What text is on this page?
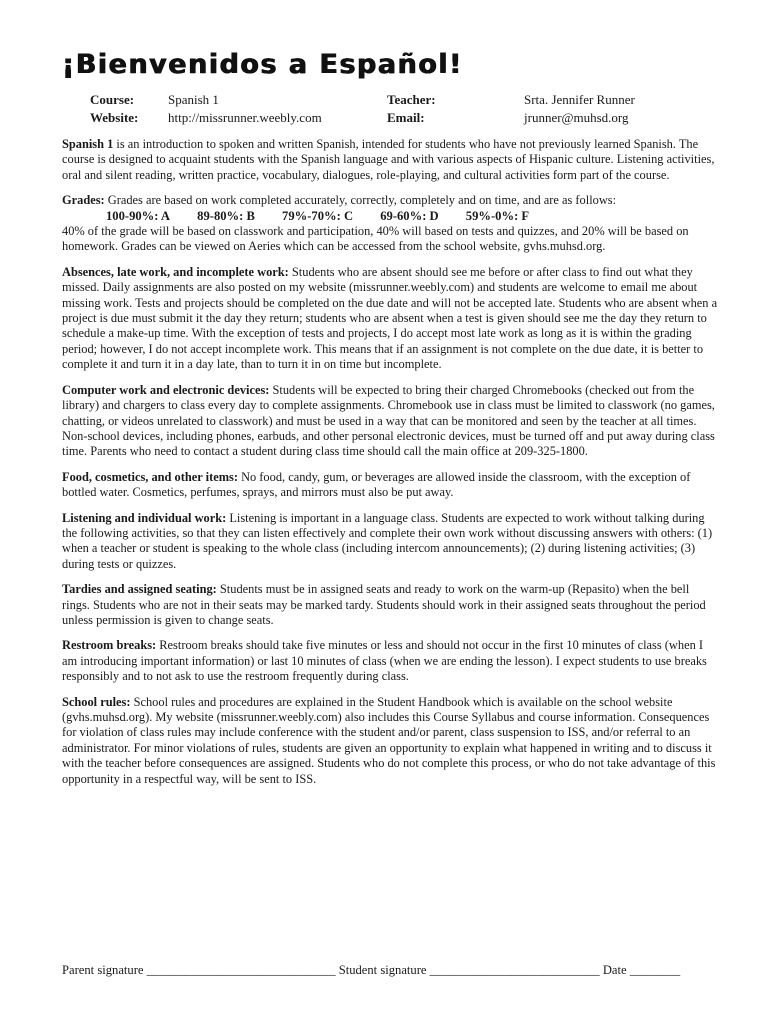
¡Bienvenidos a Español!
Course:	Spanish 1	Teacher:	Srta. Jennifer Runner
Website: http://missrunner.weebly.com	Email:	jrunner@muhsd.org

Spanish 1 is an introduction to spoken and written Spanish, intended for students who have not previously learned Spanish. The course is designed to acquaint students with the Spanish language and with various aspects of Hispanic culture. Listening activities, oral and silent reading, written practice, vocabulary, dialogues, role-playing, and cultural activities form part of the course.

Grades: Grades are based on work completed accurately, correctly, completely and on time, and are as follows:
100-90%: A 89-80%: B 79%-70%: C 69-60%: D 59%-0%: F
40% of the grade will be based on classwork and participation, 40% will based on tests and quizzes, and 20% will be based on homework. Grades can be viewed on Aeries which can be accessed from the school website, gvhs.muhsd.org.

Absences, late work, and incomplete work: Students who are absent should see me before or after class to find out what they missed. Daily assignments are also posted on my website (missrunner.weebly.com) and students are welcome to email me about missing work. Tests and projects should be completed on the due date and will not be accepted late. Students who are absent when a project is due must submit it the day they return; students who are absent when a test is given should see me the day they return to schedule a make-up time. With the exception of tests and projects, I do accept most late work as long as it is within the grading period; however, I do not accept incomplete work. This means that if an assignment is not complete on the due date, it is better to complete it and turn it in a day late, than to turn it in on time but incomplete.

Computer work and electronic devices: Students will be expected to bring their charged Chromebooks (checked out from the library) and chargers to class every day to complete assignments. Chromebook use in class must be limited to classwork (no games, chatting, or videos unrelated to classwork) and must be used in a way that can be monitored and seen by the teacher at all times. Non-school devices, including phones, earbuds, and other personal electronic devices, must be turned off and put away during class time. Parents who need to contact a student during class time should call the main office at 209-325-1800.

Food, cosmetics, and other items: No food, candy, gum, or beverages are allowed inside the classroom, with the exception of bottled water. Cosmetics, perfumes, sprays, and mirrors must also be put away.

Listening and individual work: Listening is important in a language class. Students are expected to work without talking during the following activities, so that they can listen effectively and complete their own work without discussing answers with others: (1) when a teacher or student is speaking to the whole class (including intercom announcements); (2) during listening activities; (3) during tests or quizzes.

Tardies and assigned seating: Students must be in assigned seats and ready to work on the warm-up (Repasito) when the bell rings. Students who are not in their seats may be marked tardy. Students should work in their assigned seats throughout the period unless permission is given to change seats.

Restroom breaks: Restroom breaks should take five minutes or less and should not occur in the first 10 minutes of class (when I am introducing important information) or last 10 minutes of class (when we are ending the lesson). I expect students to use breaks responsibly and to not ask to use the restroom frequently during class.

School rules: School rules and procedures are explained in the Student Handbook which is available on the school website (gvhs.muhsd.org). My website (missrunner.weebly.com) also includes this Course Syllabus and course information. Consequences for violation of class rules may include conference with the student and/or parent, class suspension to ISS, and/or referral to an administrator. For minor violations of rules, students are given an opportunity to explain what happened in writing and to discuss it with the teacher before consequences are assigned. Students who do not complete this process, or who do not take advantage of this opportunity in a respectful way, will be sent to ISS.

Parent signature ______________________________ Student signature ___________________________ Date ________
